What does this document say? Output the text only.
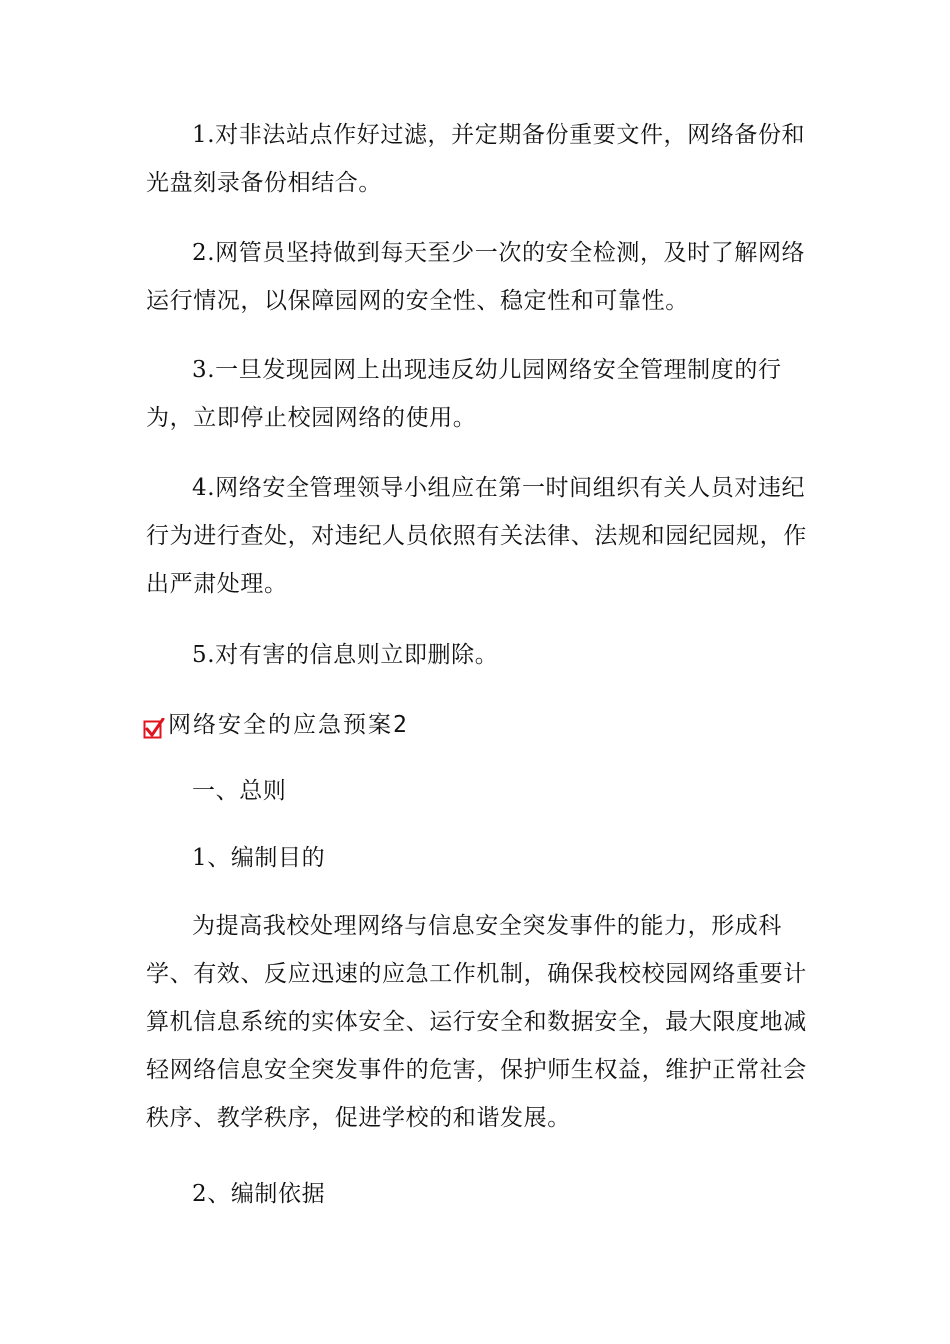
1.对非法站点作好过滤，并定期备份重要文件，网络备份和光盘刻录备份相结合。

2.网管员坚持做到每天至少一次的安全检测，及时了解网络运行情况，以保障园网的安全性、稳定性和可靠性。

3.一旦发现园网上出现违反幼儿园网络安全管理制度的行为，立即停止校园网络的使用。

4.网络安全管理领导小组应在第一时间组织有关人员对违纪行为进行查处，对违纪人员依照有关法律、法规和园纪园规，作出严肃处理。

5.对有害的信息则立即删除。

网络安全的应急预案2

一、总则

1、编制目的

为提高我校处理网络与信息安全突发事件的能力，形成科学、有效、反应迅速的应急工作机制，确保我校校园网络重要计算机信息系统的实体安全、运行安全和数据安全，最大限度地减轻网络信息安全突发事件的危害，保护师生权益，维护正常社会秩序、教学秩序，促进学校的和谐发展。

2、编制依据
